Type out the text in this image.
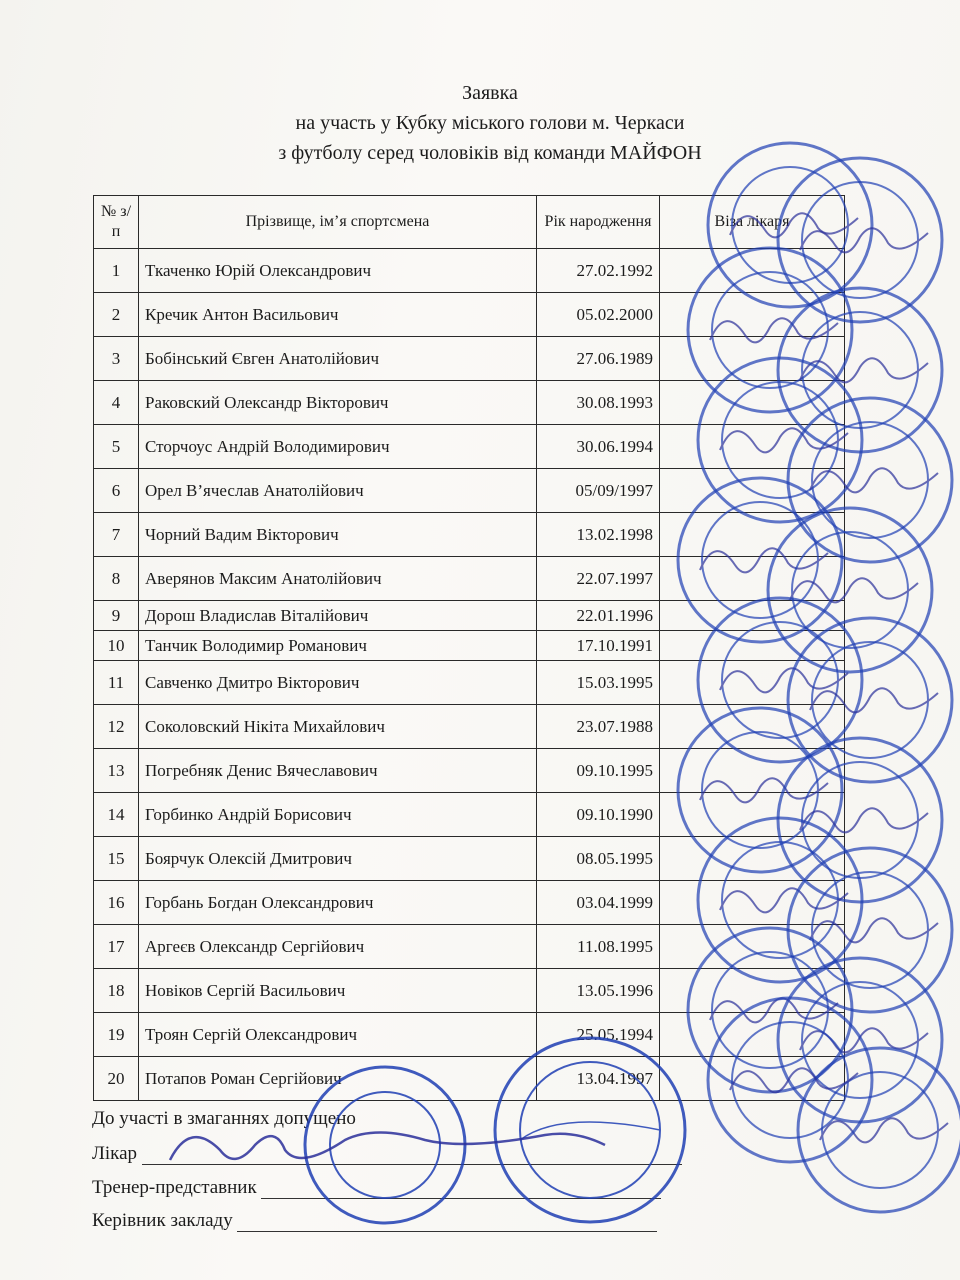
Заявка
на участь у Кубку міського голови м. Черкаси
з футболу серед чоловіків від команди МАЙФОН
№ з/п	Прізвище, ім’я спортсмена	Рік народження	Віза лікаря
1	Ткаченко Юрій Олександрович	27.02.1992	
2	Кречик Антон Васильович	05.02.2000	
3	Бобінський Євген Анатолійович	27.06.1989	
4	Раковский Олександр Вікторович	30.08.1993	
5	Сторчоус Андрій Володимирович	30.06.1994	
6	Орел В’ячеслав Анатолійович	05/09/1997	
7	Чорний Вадим Вікторович	13.02.1998	
8	Аверянов Максим Анатолійович	22.07.1997	
9	Дорош Владислав Віталійович	22.01.1996	
10	Танчик Володимир Романович	17.10.1991	
11	Савченко Дмитро Вікторович	15.03.1995	
12	Соколовский Нікіта Михайлович	23.07.1988	
13	Погребняк Денис Вячеславович	09.10.1995	
14	Горбинко Андрій Борисович	09.10.1990	
15	Боярчук Олексій Дмитрович	08.05.1995	
16	Горбань Богдан Олександрович	03.04.1999	
17	Аргеєв Олександр Сергійович	11.08.1995	
18	Новіков Сергій Васильович	13.05.1996	
19	Троян Сергій Олександрович	25.05.1994	
20	Потапов Роман Сергійович	13.04.1997	
До участі в змаганнях допущено
Лікар
Тренер-представник
Керівник закладу
